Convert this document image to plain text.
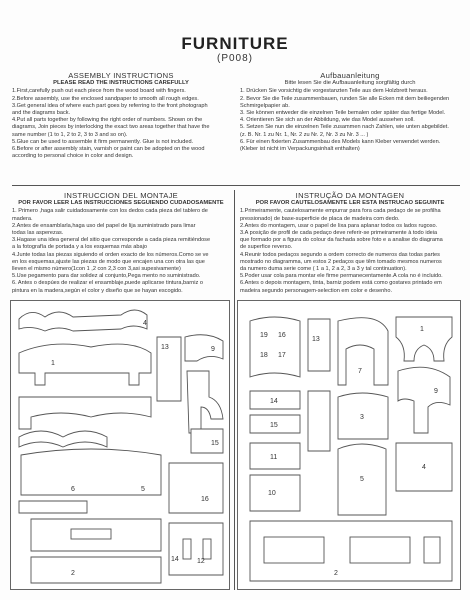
FURNITURE
(P008)
ASSEMBLY INSTRUCTIONS
PLEASE READ THE INSTRUCTIONS CAREFULLY
1.First,carefully push out each piece from the wood board with fingers.
2.Before assembly, use the enclosed sandpaper to smooth all rough edges.
3.Get general idea of where each part goes by referring to the front photograph
and the diagrams back.
4.Put all parts together by following the right order of numbers. Shown on the
diagrams, Join pieces by interlocking the exact two areas together that have the
same number (1 to 1, 2 to 2, 3 to 3 and so on).
5.Glue can be used to assemble it firm permanently. Glue is not included.
6.Before or after assembly stain, varnish or paint can be adopted on the wood
according to personal choice in color and design.
Aufbauanleitung
Bitte lesen Sie die Aufbauanleitung sorgfältig durch
1. Drücken Sie vorsichtig die vorgestanzten Teile aus dem Holzbrett heraus.
2. Bevor Sie die Teile zusammenbauen, runden Sie alle Ecken mit dem beiliegenden
Schmirgelpapier ab.
3. Sie können entweder die einzelnen Teile bemalen oder später das fertige Model.
4. Orientieren Sie sich an der Abbildung, wie das Model aussehen soll.
5. Setzen Sie nun die einzelnen Teile zusammen nach Zahlen, wie unten abgebildet.
(z. B. Nr. 1 zu Nr. 1, Nr. 2 zu Nr. 2, Nr. 3 zu Nr. 3 ... )
6. Für einen fixierten Zusammenbau des Models kann Kleber verwendet werden.
(Kleber ist nicht im Verpackungsinhalt enthalten)
INSTRUCCION DEL MONTAJE
POR FAVOR LEER LAS INSTRUCCIONES SEGUIENDO CUDADOSAMENTE
1. Primero ,haga salir cuidadosamente con los dedos cada pieza del tablero de
madera.
2.Antes de ensamblarla,haga uso del papel de lija suministrado para limar
todas las asperezas.
3.Hagase una idea general del sitio que corresponde a cada pieza remitiéndose
a la fotografía de portada y a los esquemas más abajo
4.Junte todas las piezas siguiendo el orden exacto de los números.Como se ve
en los esquemas,ajuste las piezas de modo que encajen una con otra las que
lleven el mismo número(1con 1 ,2 con 2,3 con 3,asi supesivamente)
5.Use pegamento para dar solidez al conjunto,Pega mento no suministrado.
6. Antes o despúes de realizar el ensamblaje,puede aplicarse tintura,barniz o
pintura en la madera,según el color y diseño que se hayan escogido.
INSTRUÇÃO DA MONTAGEN
POR FAVOR CAUTELOSAMENTE LER ESTA INSTRUCAO SEGUINTE
1.Primeiramente, cautelosamente empurrar para fora cada pedaço de se profilha
pressionado) de base-superficie de placa de madeira com dedo.
2.Antes do montagem, usar o papel de lixa para aplanar todos os lados rugoso.
3.A posição de profil de cada pedaço deve referir-se primeiramente à todo ideia
que formado por a figura do colour da fachada sobre foto e a analise do diagrama
de superfice reverso.
4.Reunir todos pedaços segundo a ordem correcto de numeros das todas partes
mostrado no diagramma, um estos 2 pedaços que têm tomado mesmos numeros
da numero duma serie come ( 1 a 1, 2 a 2, 3 a 3 y tal continuation).
5.Poder usar cola para montar ele firme permanecentamente.A cola no é incluido.
6.Antes o depois montagem, tinta, barniz podem está como gostares printado em
madeira segundo personagem-selection em color e desenho.
4
1
13	9
15
6	5
16
14	12
2
19 16
18 17
13
14
15
7
1
3
9
11
10
5
4
2
